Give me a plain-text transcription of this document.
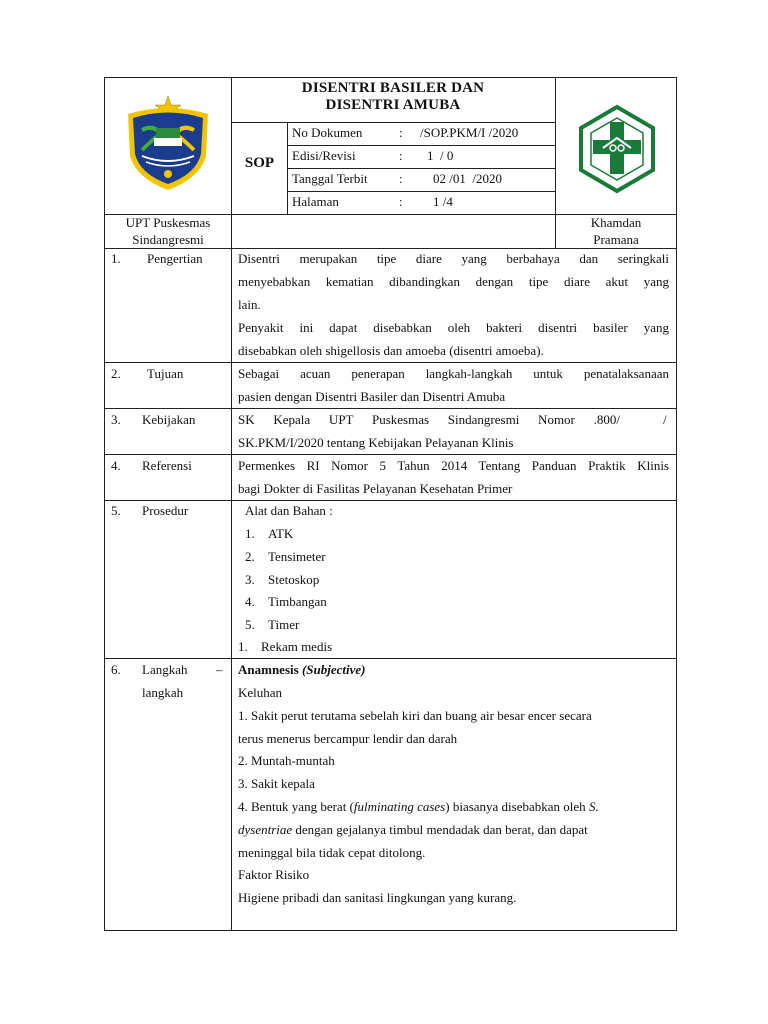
DISENTRI BASILER DAN
DISENTRI AMUBA
SOP
No Dokumen	: /SOP.PKM/I /2020
Edisi/Revisi	: 1  / 0
Tanggal Terbit : 02 /01  /2020
Halaman	: 1 /4
UPT Puskesmas
Sindangresmi
Khamdan
Pramana
1. Pengertian	Disentri merupakan tipe diare yang berbahaya dan seringkali
menyebabkan kematian dibandingkan dengan tipe diare akut yang
lain.
Penyakit ini dapat disebabkan oleh bakteri disentri basiler yang
disebabkan oleh shigellosis dan amoeba (disentri amoeba).
2. Tujuan	Sebagai acuan penerapan langkah-langkah untuk penatalaksanaan
pasien dengan Disentri Basiler dan Disentri Amuba
3. Kebijakan	SK Kepala UPT Puskesmas Sindangresmi Nomor .800/	/
SK.PKM/I/2020 tentang Kebijakan Pelayanan Klinis
4. Referensi	Permenkes RI Nomor 5 Tahun 2014 Tentang Panduan Praktik Klinis
bagi Dokter di Fasilitas Pelayanan Kesehatan Primer
5. Prosedur	Alat dan Bahan :
1. ATK
2. Tensimeter
3. Stetoskop
4. Timbangan
5. Timer
1. Rekam medis
6. Langkah –
langkah
Anamnesis (Subjective)
Keluhan
1. Sakit perut terutama sebelah kiri dan buang air besar encer secara
terus menerus bercampur lendir dan darah
2. Muntah-muntah
3. Sakit kepala
4. Bentuk yang berat (fulminating cases) biasanya disebabkan oleh S.
dysentriae dengan gejalanya timbul mendadak dan berat, dan dapat
meninggal bila tidak cepat ditolong.
Faktor Risiko
Higiene pribadi dan sanitasi lingkungan yang kurang.
